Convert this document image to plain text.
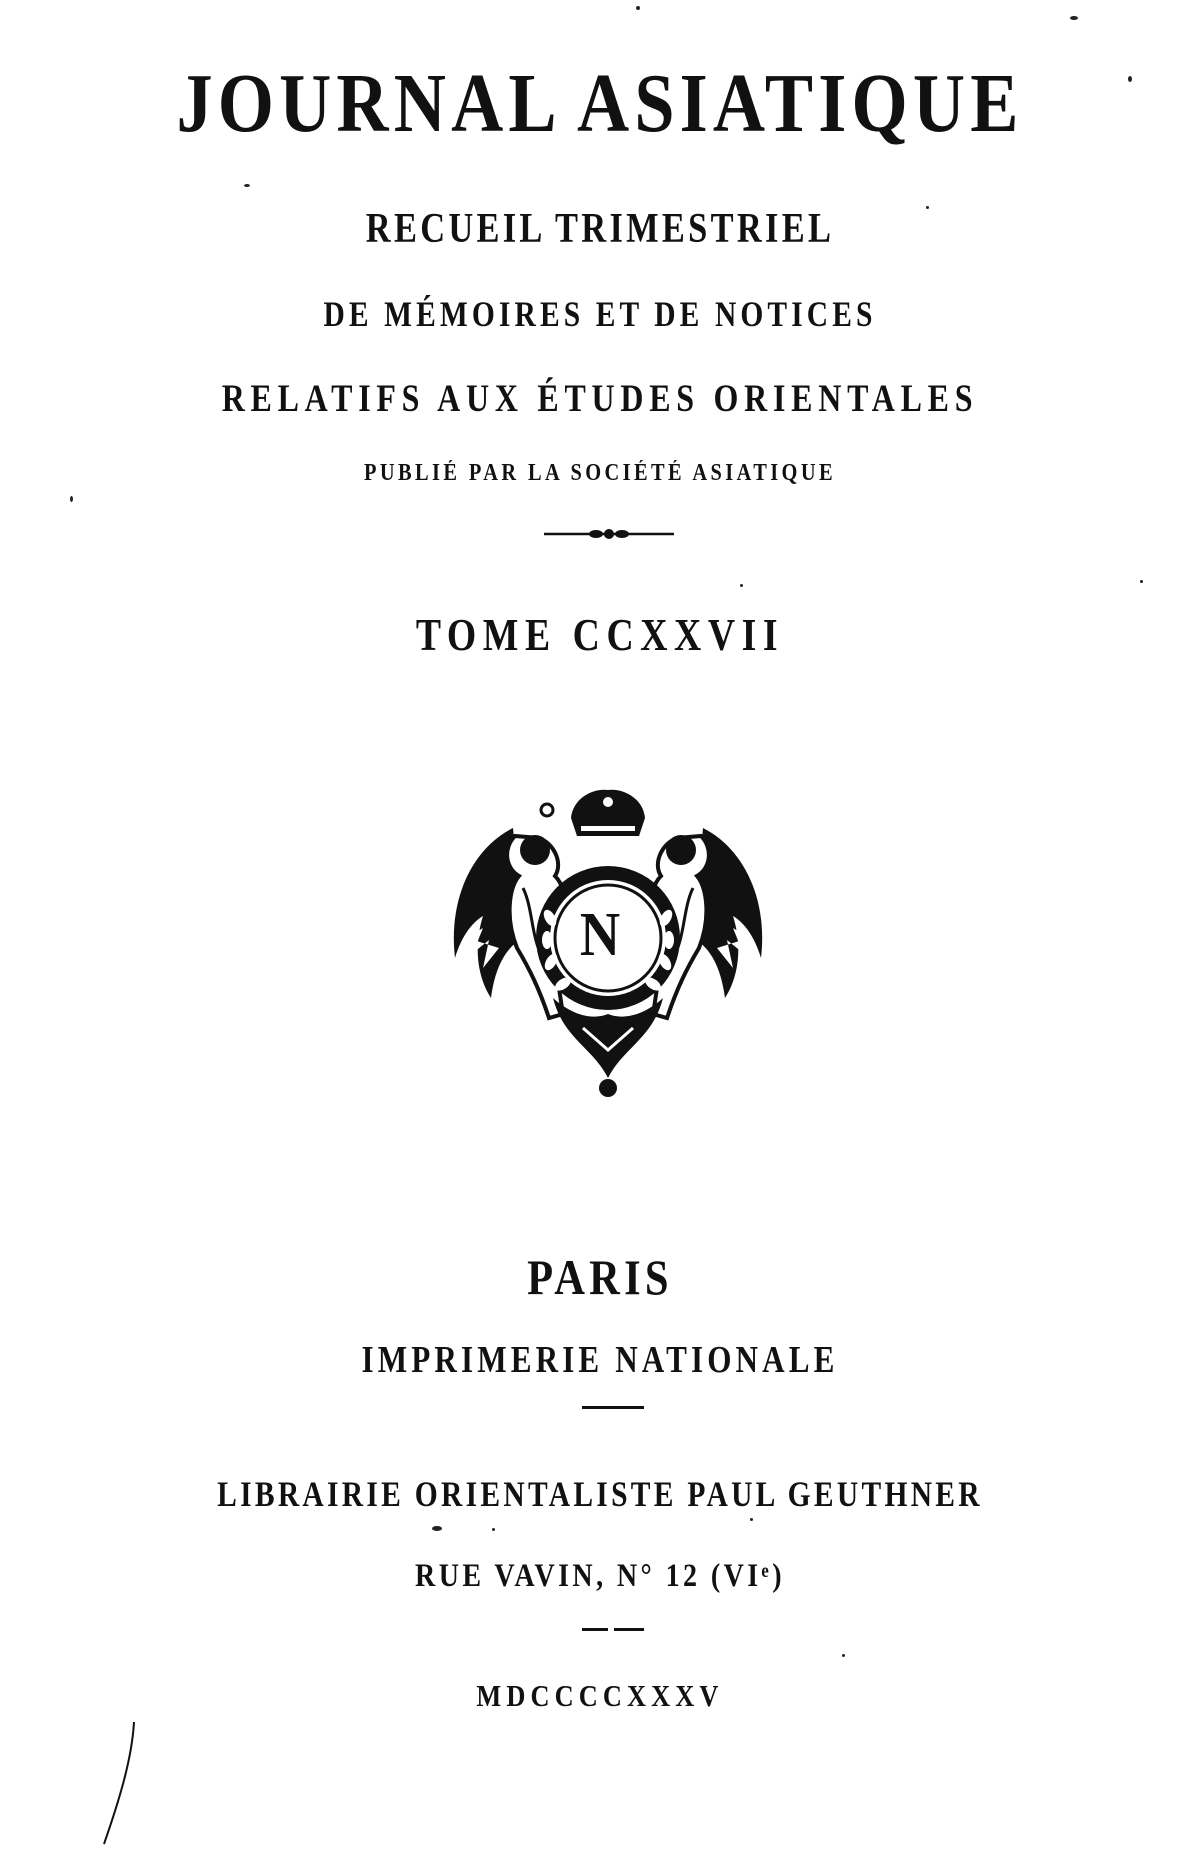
JOURNAL ASIATIQUE
RECUEIL TRIMESTRIEL
DE MÉMOIRES ET DE NOTICES
RELATIFS AUX ÉTUDES ORIENTALES
PUBLIÉ PAR LA SOCIÉTÉ ASIATIQUE
TOME CCXXVII
N
PARIS
IMPRIMERIE NATIONALE
LIBRAIRIE ORIENTALISTE PAUL GEUTHNER
RUE VAVIN, N° 12 (VIᵉ)
MDCCCCXXXV
